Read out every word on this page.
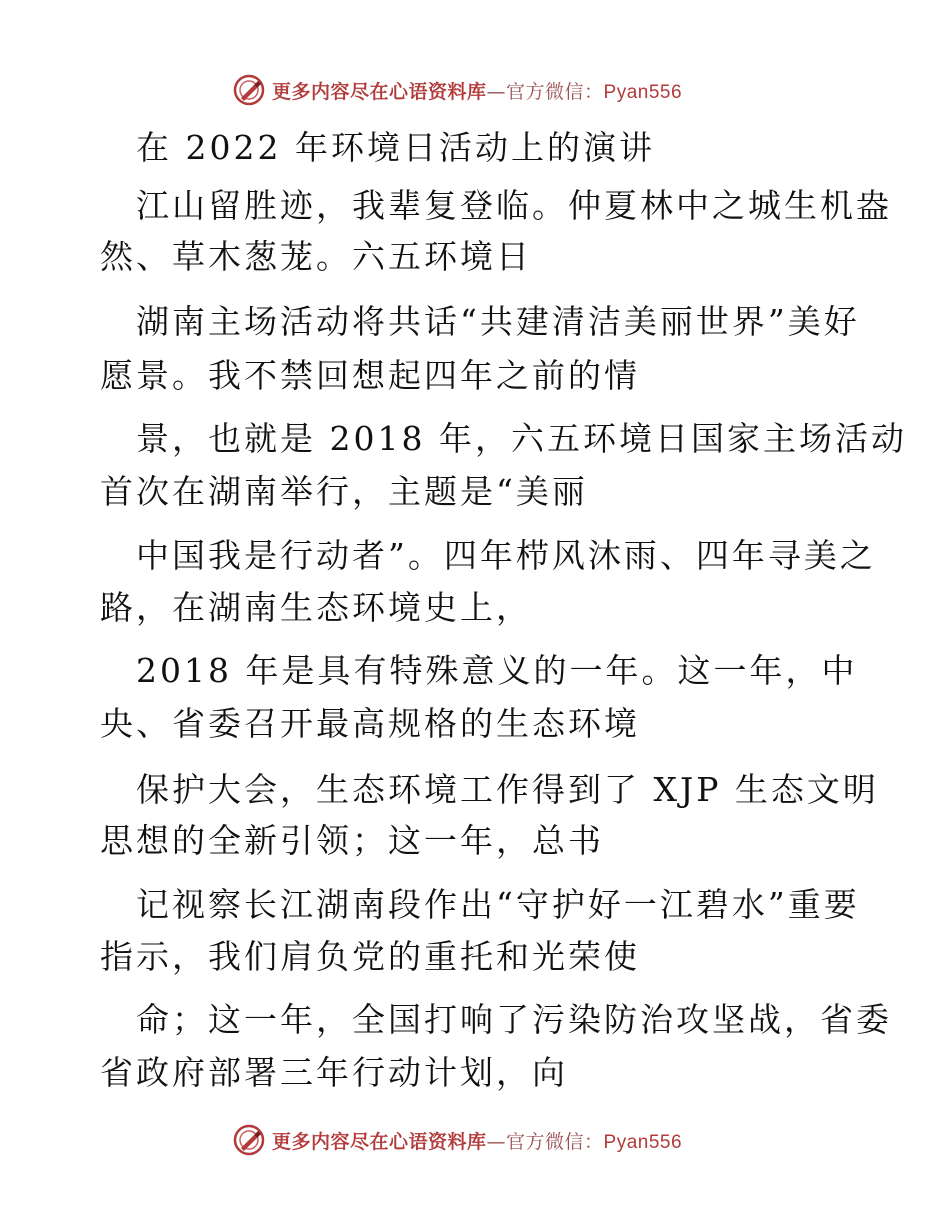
更多内容尽在心语资料库—官方微信：Pyan556
在 2022 年环境日活动上的演讲
江山留胜迹，我辈复登临。仲夏林中之城生机盎
然、草木葱茏。六五环境日
湖南主场活动将共话“共建清洁美丽世界”美好
愿景。我不禁回想起四年之前的情
景，也就是 2018 年，六五环境日国家主场活动
首次在湖南举行，主题是“美丽
中国我是行动者”。四年栉风沐雨、四年寻美之
路，在湖南生态环境史上，
2018 年是具有特殊意义的一年。这一年，中
央、省委召开最高规格的生态环境
保护大会，生态环境工作得到了 XJP 生态文明
思想的全新引领；这一年，总书
记视察长江湖南段作出“守护好一江碧水”重要
指示，我们肩负党的重托和光荣使
命；这一年，全国打响了污染防治攻坚战，省委
省政府部署三年行动计划，向
更多内容尽在心语资料库—官方微信：Pyan556
